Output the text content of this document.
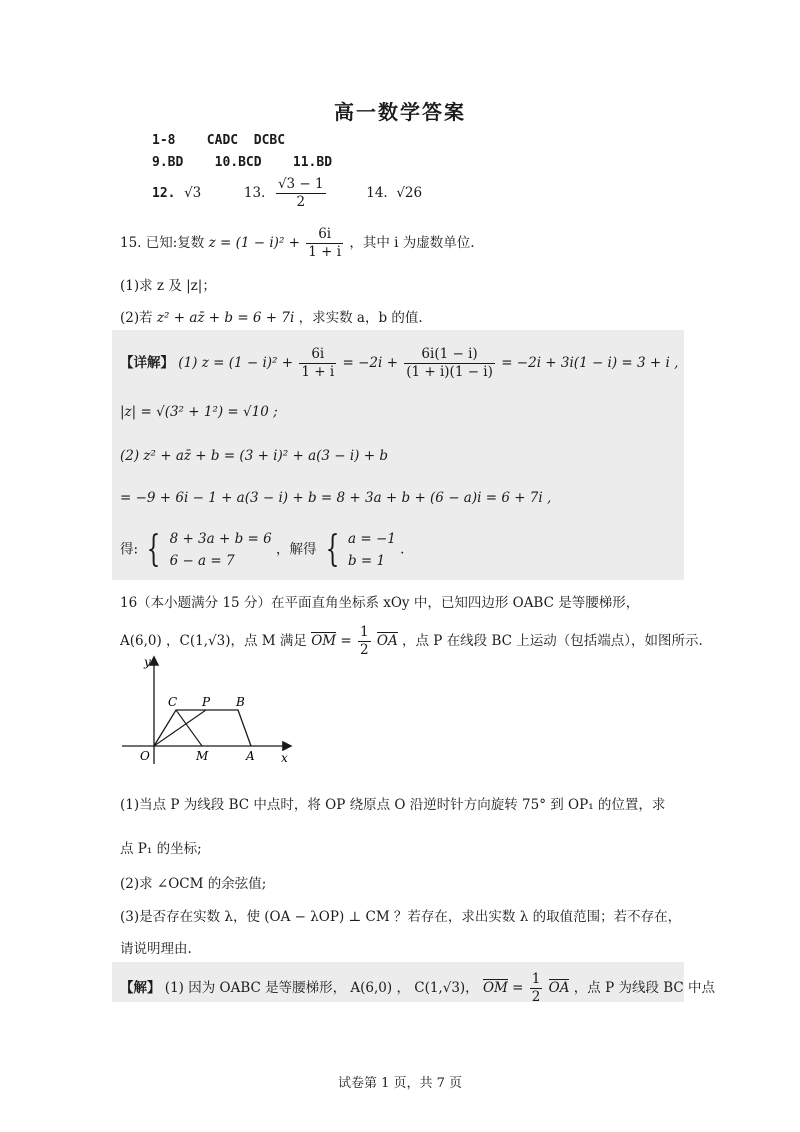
高一数学答案
1-8 CADC  DCBC
9.BD 10.BCD 11.BD
12. √3	13. $\frac{√3 - 1}{2}$	14. √26
15. 已知:复数 $z = (1 - i)^2 + \frac{6i}{1 + i}$ ，其中 i 为虚数单位.
(1)求 z 及 |z|；
(2)若 z² + az̄ + b = 6 + 7i ，求实数 a，b 的值.
【详解】 (1) $z = (1 - i)^2 + \frac{6i}{1 + i} = -2i + \frac{6i(1 - i)}{(1 + i)(1 - i)} = -2i + 3i(1 - i) = 3 + i$ ,
|z| = √(3² + 1²) = √10 ;
(2) z² + az̄ + b = (3 + i)² + a(3 − i) + b
= −9 + 6i − 1 + a(3 − i) + b = 8 + 3a + b + (6 − a)i = 6 + 7i ,
得: { 8 + 3a + b = 6
6 − a = 7
，解得 { a = −1
b = 1
.
16（本小题满分 15 分）在平面直角坐标系 xOy 中，已知四边形 OABC 是等腰梯形，
A(6,0) ，C(1,√3)，点 M 满足 OM = $\frac{1}{2}$ OA ，点 P 在线段 BC 上运动（包括端点），如图所示.
y
x
C P B
O	M	A
(1)当点 P 为线段 BC 中点时，将 OP 绕原点 O 沿逆时针方向旋转 75° 到 OP₁ 的位置，求
点 P₁ 的坐标;
(2)求 ∠OCM 的余弦值;
(3)是否存在实数 λ，使 (OA − λOP) ⊥ CM ？若存在，求出实数 λ 的取值范围；若不存在，
请说明理由.
【解】 (1) 因为 OABC 是等腰梯形， A(6,0) ， C(1,√3)， OM = $\frac{1}{2}$ OA ，点 P 为线段 BC 中点
试卷第 1 页，共 7 页
